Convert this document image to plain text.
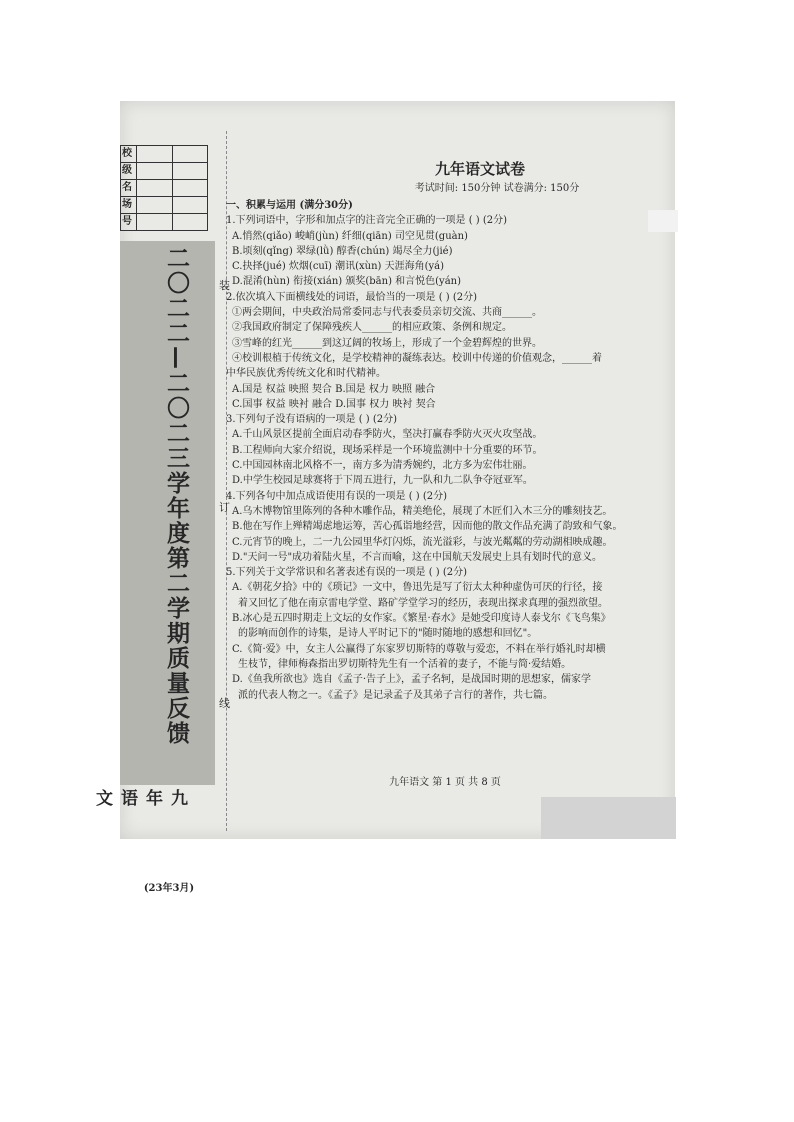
校		
级		
名		
场		
号		
二〇二二—二〇二三学年度第二学期质量反馈
九年语文
(23年3月)
装
订
线
九年语文试卷
考试时间: 150分钟 试卷满分: 150分
一、积累与运用 (满分30分)
1.下列词语中，字形和加点字的注音完全正确的一项是 ( ) (2分)
A.悄然(qiǎo) 峻峭(jùn) 纤细(qiān) 司空见贯(guàn)
B.顷刻(qǐng) 翠绿(lǜ) 醇香(chún) 竭尽全力(jié)
C.抉择(jué) 炊烟(cuī) 潮讯(xùn) 天涯海角(yá)
D.混淆(hùn) 衔接(xián) 颁奖(bān) 和言悦色(yán)
2.依次填入下面横线处的词语，最恰当的一项是 ( ) (2分)
①两会期间，中央政治局常委同志与代表委员亲切交流、共商______。
②我国政府制定了保障残疾人______的相应政策、条例和规定。
③雪峰的红光______到这辽阔的牧场上，形成了一个金碧辉煌的世界。
④校训根植于传统文化，是学校精神的凝练表达。校训中传递的价值观念，______着
中华民族优秀传统文化和时代精神。
A.国是 权益 映照 契合 B.国是 权力 映照 融合
C.国事 权益 映衬 融合 D.国事 权力 映衬 契合
3.下列句子没有语病的一项是 ( ) (2分)
A.千山风景区提前全面启动春季防火，坚决打赢春季防火灭火攻坚战。
B.工程师向大家介绍说，现场采样是一个环境监测中十分重要的环节。
C.中国园林南北风格不一，南方多为清秀婉约，北方多为宏伟壮丽。
D.中学生校园足球赛将于下周五进行，九一队和九二队争夺冠亚军。
4.下列各句中加点成语使用有误的一项是 ( ) (2分)
A.乌木博物馆里陈列的各种木雕作品，精美绝伦，展现了木匠们入木三分的雕刻技艺。
B.他在写作上殚精竭虑地运筹，苦心孤诣地经营，因而他的散文作品充满了韵致和气象。
C.元宵节的晚上，二一九公园里华灯闪烁，流光溢彩，与波光粼粼的劳动湖相映成趣。
D."天问一号"成功着陆火星，不言而喻，这在中国航天发展史上具有划时代的意义。
5.下列关于文学常识和名著表述有误的一项是 ( ) (2分)
A.《朝花夕拾》中的《琐记》一文中，鲁迅先是写了衍太太种种虚伪可厌的行径，接
着又回忆了他在南京雷电学堂、路矿学堂学习的经历，表现出探求真理的强烈欲望。
B.冰心是五四时期走上文坛的女作家。《繁星·春水》是她受印度诗人泰戈尔《飞鸟集》
的影响而创作的诗集，是诗人平时记下的"随时随地的感想和回忆"。
C.《简·爱》中，女主人公赢得了东家罗切斯特的尊敬与爱恋，不料在举行婚礼时却横
生枝节，律师梅森指出罗切斯特先生有一个活着的妻子，不能与简·爱结婚。
D.《鱼我所欲也》选自《孟子·告子上》，孟子名轲，是战国时期的思想家，儒家学
派的代表人物之一。《孟子》是记录孟子及其弟子言行的著作，共七篇。
九年语文 第 1 页 共 8 页
